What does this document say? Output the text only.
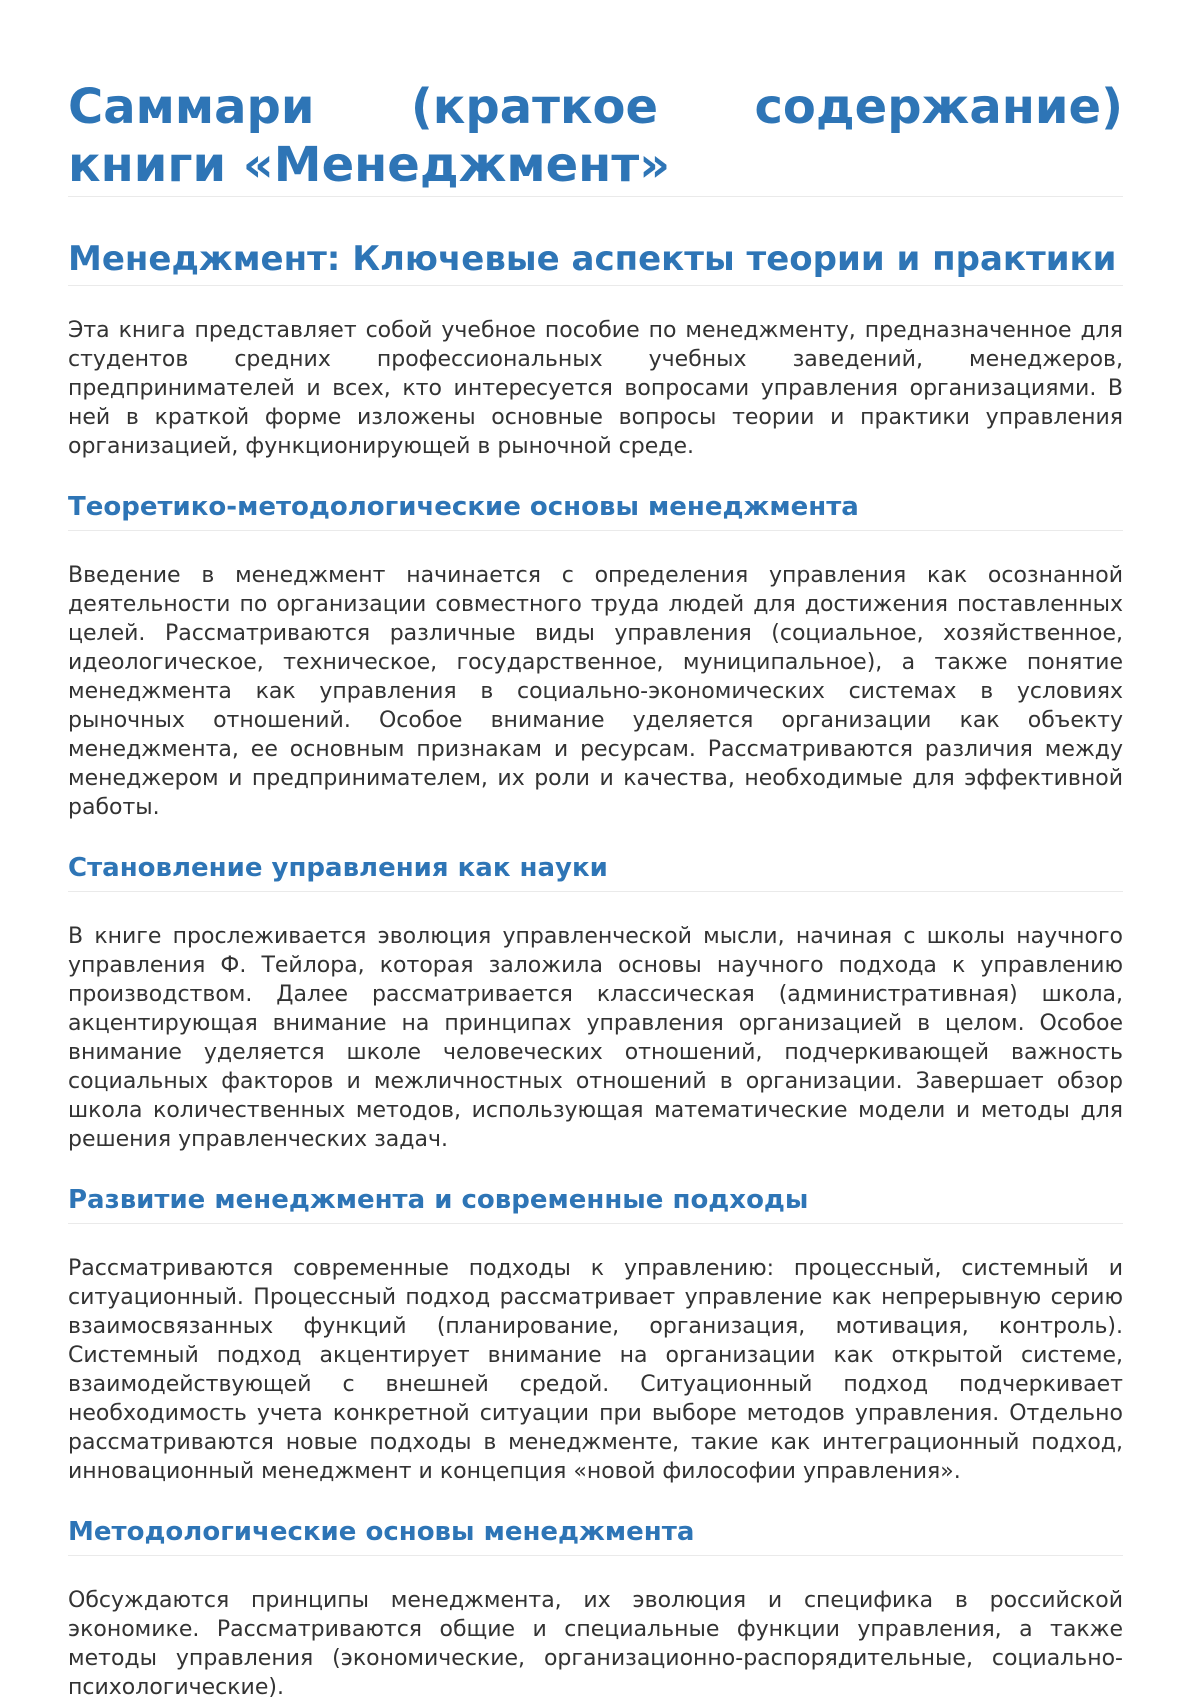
Саммари (краткое содержание) книги «Менеджмент»
Менеджмент: Ключевые аспекты теории и практики

Эта книга представляет собой учебное пособие по менеджменту, предназначенное для студентов средних профессиональных учебных заведений, менеджеров, предпринимателей и всех, кто интересуется вопросами управления организациями. В ней в краткой форме изложены основные вопросы теории и практики управления организацией, функционирующей в рыночной среде.

Теоретико-методологические основы менеджмента

Введение в менеджмент начинается с определения управления как осознанной деятельности по организации совместного труда людей для достижения поставленных целей. Рассматриваются различные виды управления (социальное, хозяйственное, идеологическое, техническое, государственное, муниципальное), а также понятие менеджмента как управления в социально-экономических системах в условиях рыночных отношений. Особое внимание уделяется организации как объекту менеджмента, ее основным признакам и ресурсам. Рассматриваются различия между менеджером и предпринимателем, их роли и качества, необходимые для эффективной работы.

Становление управления как науки

В книге прослеживается эволюция управленческой мысли, начиная с школы научного управления Ф. Тейлора, которая заложила основы научного подхода к управлению производством. Далее рассматривается классическая (административная) школа, акцентирующая внимание на принципах управления организацией в целом. Особое внимание уделяется школе человеческих отношений, подчеркивающей важность социальных факторов и межличностных отношений в организации. Завершает обзор школа количественных методов, использующая математические модели и методы для решения управленческих задач.

Развитие менеджмента и современные подходы

Рассматриваются современные подходы к управлению: процессный, системный и ситуационный. Процессный подход рассматривает управление как непрерывную серию взаимосвязанных функций (планирование, организация, мотивация, контроль). Системный подход акцентирует внимание на организации как открытой системе, взаимодействующей с внешней средой. Ситуационный подход подчеркивает необходимость учета конкретной ситуации при выборе методов управления. Отдельно рассматриваются новые подходы в менеджменте, такие как интеграционный подход, инновационный менеджмент и концепция «новой философии управления».

Методологические основы менеджмента

Обсуждаются принципы менеджмента, их эволюция и специфика в российской экономике. Рассматриваются общие и специальные функции управления, а также методы управления (экономические, организационно-распорядительные, социально-психологические).
